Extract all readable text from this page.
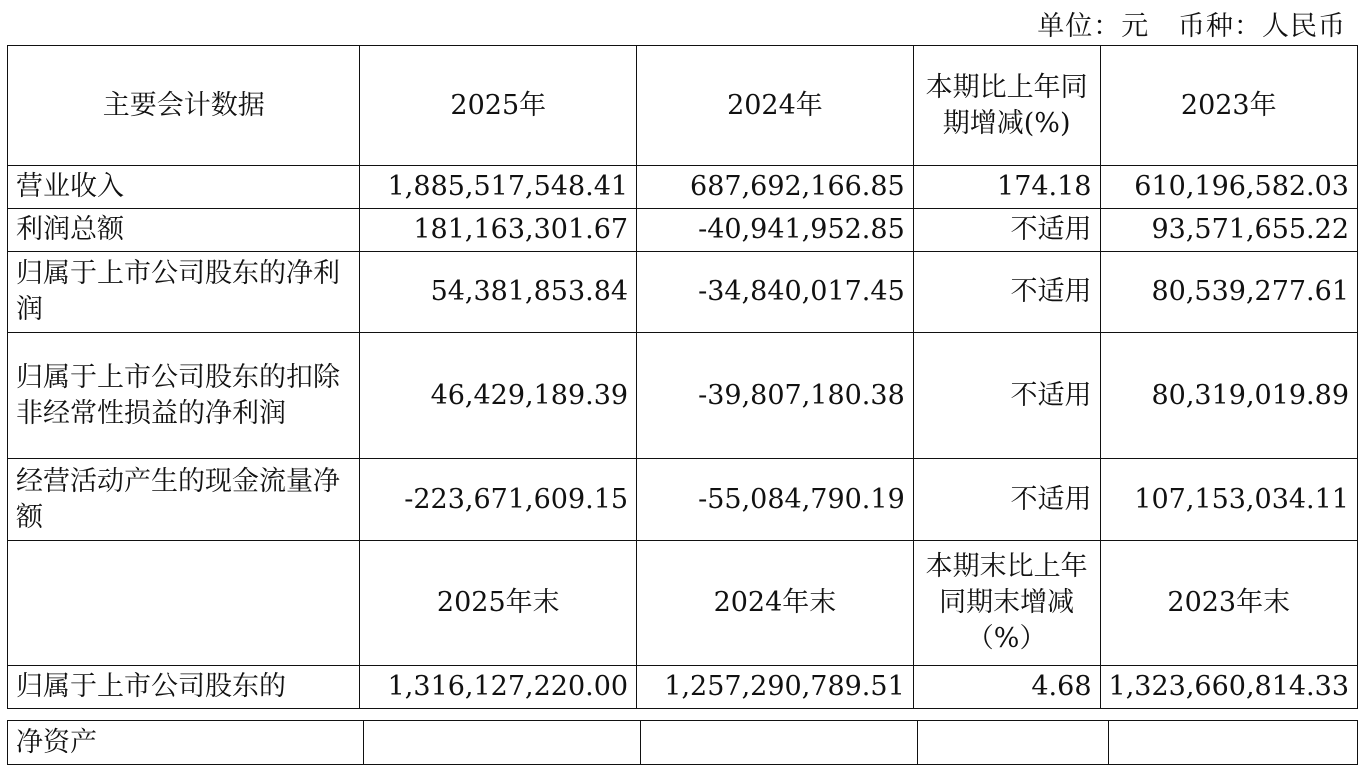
单位：元 币种：人民币
主要会计数据	2025年	2024年	本期比上年同期增减(%)	2023年
营业收入	1,885,517,548.41	687,692,166.85	174.18	610,196,582.03
利润总额	181,163,301.67	-40,941,952.85	不适用	93,571,655.22
归属于上市公司股东的净利润	54,381,853.84	-34,840,017.45	不适用	80,539,277.61
归属于上市公司股东的扣除非经常性损益的净利润	46,429,189.39	-39,807,180.38	不适用	80,319,019.89
经营活动产生的现金流量净额	-223,671,609.15	-55,084,790.19	不适用	107,153,034.11
	2025年末	2024年末	本期末比上年同期末增减（%）	2023年末
归属于上市公司股东的	1,316,127,220.00	1,257,290,789.51	4.68	1,323,660,814.33
净资产				
